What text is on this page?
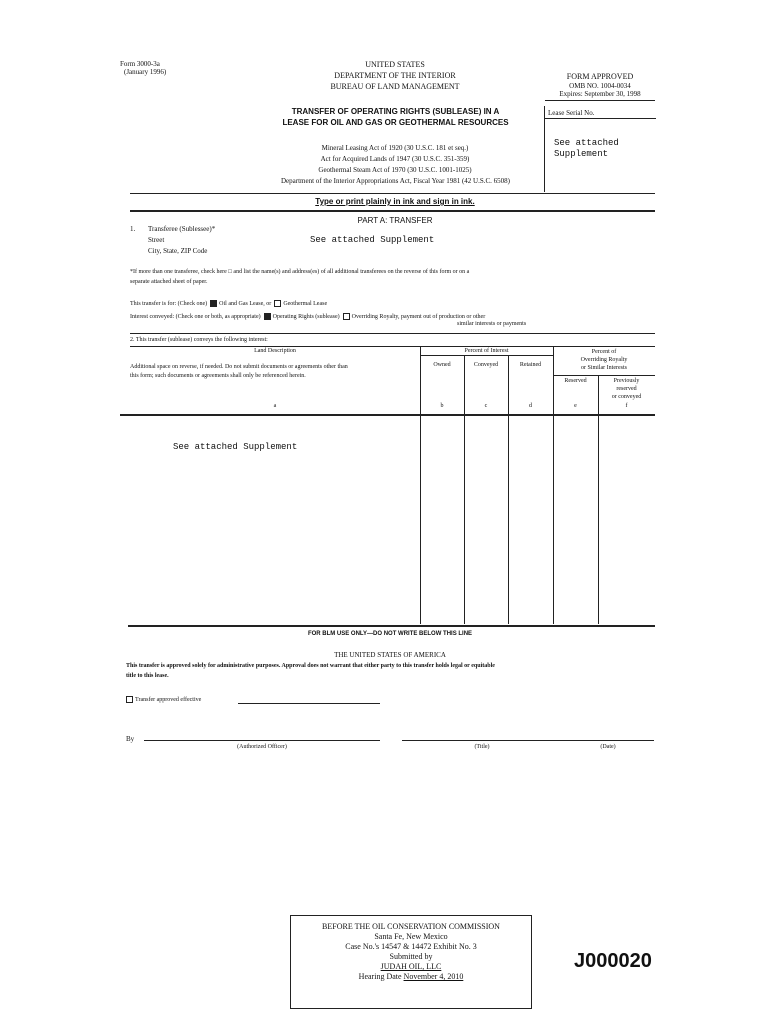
Form 3000-3a
(January 1996)
UNITED STATES
DEPARTMENT OF THE INTERIOR
BUREAU OF LAND MANAGEMENT
FORM APPROVED
OMB NO. 1004-0034
Expires: September 30, 1998
TRANSFER OF OPERATING RIGHTS (SUBLEASE) IN A
LEASE FOR OIL AND GAS OR GEOTHERMAL RESOURCES
Lease Serial No.
See attached
Supplement
Mineral Leasing Act of 1920 (30 U.S.C. 181 et seq.)
Act for Acquired Lands of 1947 (30 U.S.C. 351-359)
Geothermal Steam Act of 1970 (30 U.S.C. 1001-1025)
Department of the Interior Appropriations Act, Fiscal Year 1981 (42 U.S.C. 6508)
Type or print plainly in ink and sign in ink.
PART A: TRANSFER
1. Transferee (Sublessee)*
Street
City, State, ZIP Code
See attached Supplement
*If more than one transferee, check here □ and list the name(s) and address(es) of all additional transferees on the reverse of this form or on a
separate attached sheet of paper.
This transfer is for: (Check one) Oil and Gas Lease, or Geothermal Lease
Interest conveyed: (Check one or both, as appropriate) Operating Rights (sublease) Overriding Royalty, payment out of production or other
similar interests or payments
2. This transfer (sublease) conveys the following interest:
Land Description
Additional space on reverse, if needed. Do not submit documents or agreements other than
this form; such documents or agreements shall only be referenced herein.
Percent of Interest
Owned	Conveyed	Retained
Percent of
Overriding Royalty
or Similar Interests
Reserved	Previously
reserved
or conveyed
a	b	c	d	e	f
See attached Supplement
FOR BLM USE ONLY—DO NOT WRITE BELOW THIS LINE
THE UNITED STATES OF AMERICA
This transfer is approved solely for administrative purposes. Approval does not warrant that either party to this transfer holds legal or equitable
title to this lease.
Transfer approved effective
By
(Authorized Officer)	(Title)	(Date)
BEFORE THE OIL CONSERVATION COMMISSION
Santa Fe, New Mexico
Case No.'s 14547 & 14472 Exhibit No. 3
Submitted by
JUDAH OIL, LLC
Hearing Date November 4, 2010
J000020
